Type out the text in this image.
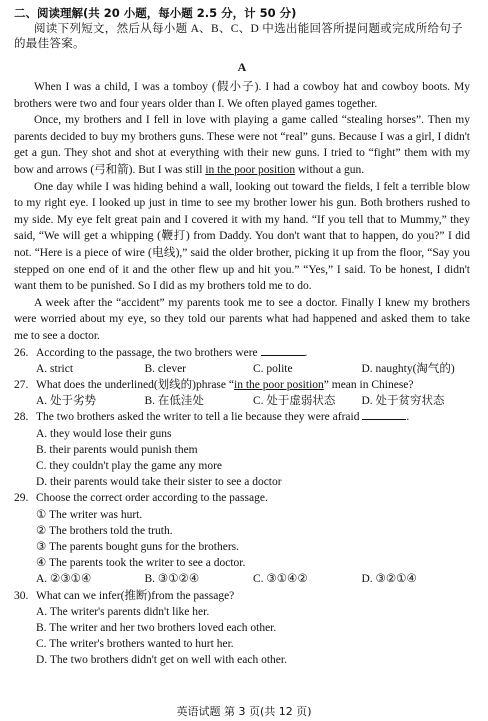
二、阅读理解(共 20 小题，每小题 2.5 分，计 50 分)

阅读下列短文，然后从每小题 A、B、C、D 中选出能回答所提问题或完成所给句子的最佳答案。

A

When I was a child, I was a tomboy (假小子). I had a cowboy hat and cowboy boots. My brothers were two and four years older than I. We often played games together.

Once, my brothers and I fell in love with playing a game called “stealing horses”. Then my parents decided to buy my brothers guns. These were not “real” guns. Because I was a girl, I didn't get a gun. They shot and shot at everything with their new guns. I tried to “fight” them with my bow and arrows (弓和箭). But I was still in the poor position without a gun.

One day while I was hiding behind a wall, looking out toward the fields, I felt a terrible blow to my right eye. I looked up just in time to see my brother lower his gun. Both brothers rushed to my side. My eye felt great pain and I covered it with my hand. “If you tell that to Mummy,” they said, “We will get a whipping (鞭打) from Daddy. You don't want that to happen, do you?” I did not. “Here is a piece of wire (电线),” said the older brother, picking it up from the floor, “Say you stepped on one end of it and the other flew up and hit you.” “Yes,” I said. To be honest, I didn't want them to be punished. So I did as my brothers told me to do.

A week after the “accident” my parents took me to see a doctor. Finally I knew my brothers were worried about my eye, so they told our parents what had happened and asked them to take me to see a doctor.

26. According to the passage, the two brothers were	.

A. strict	B. clever	C. polite	D. naughty(淘气的)

27. What does the underlined(划线的)phrase “in the poor position” mean in Chinese?

A. 处于劣势	B. 在低洼处	C. 处于虚弱状态	D. 处于贫穷状态

28. The two brothers asked the writer to tell a lie because they were afraid	.

A. they would lose their guns

B. their parents would punish them

C. they couldn't play the game any more

D. their parents would take their sister to see a doctor

29. Choose the correct order according to the passage.

① The writer was hurt.

② The brothers told the truth.

③ The parents bought guns for the brothers.

④ The parents took the writer to see a doctor.

A. ②③①④	B. ③①②④	C. ③①④②	D. ③②①④

30. What can we infer(推断)from the passage?

A. The writer's parents didn't like her.

B. The writer and her two brothers loved each other.

C. The writer's brothers wanted to hurt her.

D. The two brothers didn't get on well with each other.

英语试题 第 3 页(共 12 页)
